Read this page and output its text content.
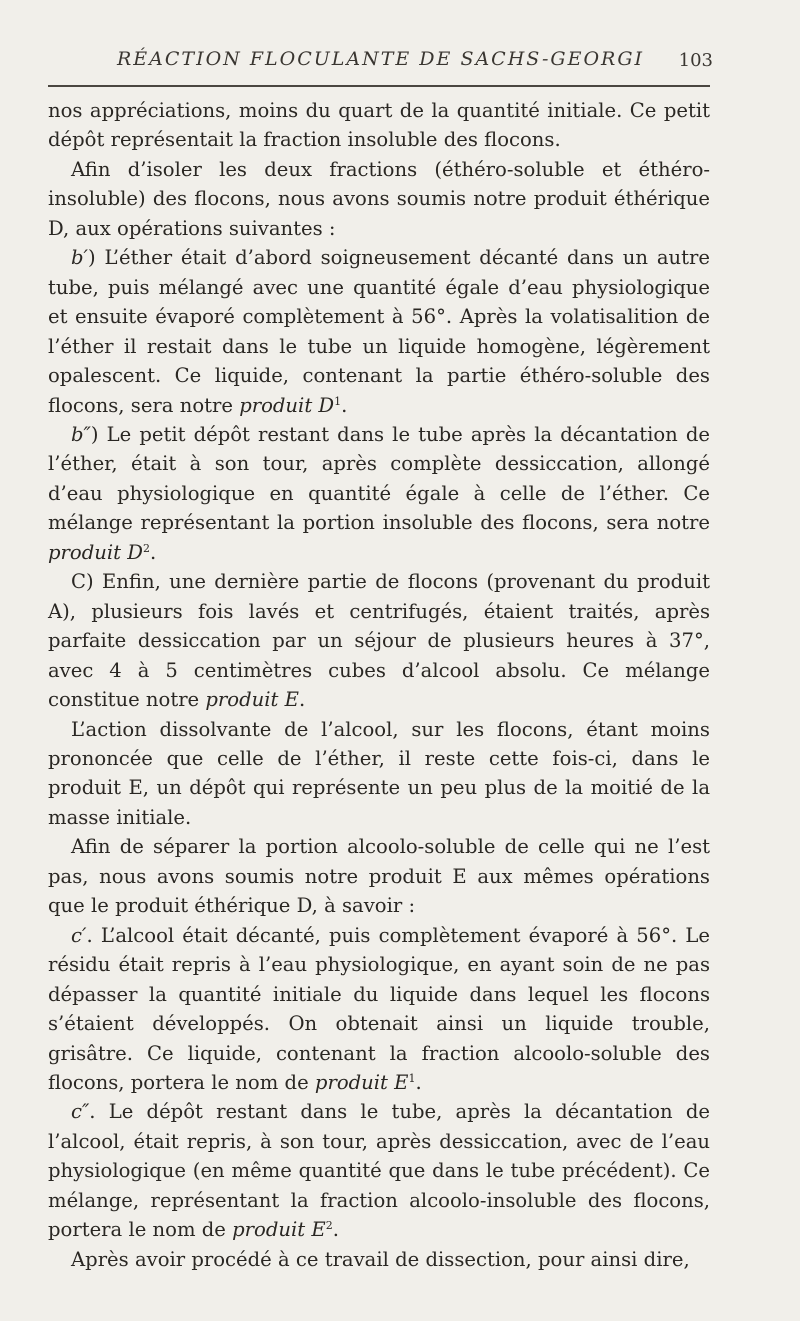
RÉACTION FLOCULANTE DE SACHS-GEORGI	103

nos appréciations, moins du quart de la quantité initiale. Ce petit dépôt représentait la fraction insoluble des flocons.

Afin d’isoler les deux fractions (éthéro-soluble et éthéro-insoluble) des flocons, nous avons soumis notre produit éthérique D, aux opérations suivantes :

b′) L’éther était d’abord soigneusement décanté dans un autre tube, puis mélangé avec une quantité égale d’eau physiologique et ensuite évaporé complètement à 56°. Après la volatisalition de l’éther il restait dans le tube un liquide homogène, légèrement opalescent. Ce liquide, contenant la partie éthéro-soluble des flocons, sera notre produit $D^1$.

b″) Le petit dépôt restant dans le tube après la décantation de l’éther, était à son tour, après complète dessiccation, allongé d’eau physiologique en quantité égale à celle de l’éther. Ce mélange représentant la portion insoluble des flocons, sera notre produit $D^2$.

C) Enfin, une dernière partie de flocons (provenant du produit A), plusieurs fois lavés et centrifugés, étaient traités, après parfaite dessiccation par un séjour de plusieurs heures à 37°, avec 4 à 5 centimètres cubes d’alcool absolu. Ce mélange constitue notre produit E.

L’action dissolvante de l’alcool, sur les flocons, étant moins prononcée que celle de l’éther, il reste cette fois-ci, dans le produit E, un dépôt qui représente un peu plus de la moitié de la masse initiale.

Afin de séparer la portion alcoolo-soluble de celle qui ne l’est pas, nous avons soumis notre produit E aux mêmes opérations que le produit éthérique D, à savoir :

c′. L’alcool était décanté, puis complètement évaporé à 56°. Le résidu était repris à l’eau physiologique, en ayant soin de ne pas dépasser la quantité initiale du liquide dans lequel les flocons s’étaient développés. On obtenait ainsi un liquide trouble, grisâtre. Ce liquide, contenant la fraction alcoolo-soluble des flocons, portera le nom de produit $E^1$.

c″. Le dépôt restant dans le tube, après la décantation de l’alcool, était repris, à son tour, après dessiccation, avec de l’eau physiologique (en même quantité que dans le tube précédent). Ce mélange, représentant la fraction alcoolo-insoluble des flocons, portera le nom de produit $E^2$.

Après avoir procédé à ce travail de dissection, pour ainsi dire,
